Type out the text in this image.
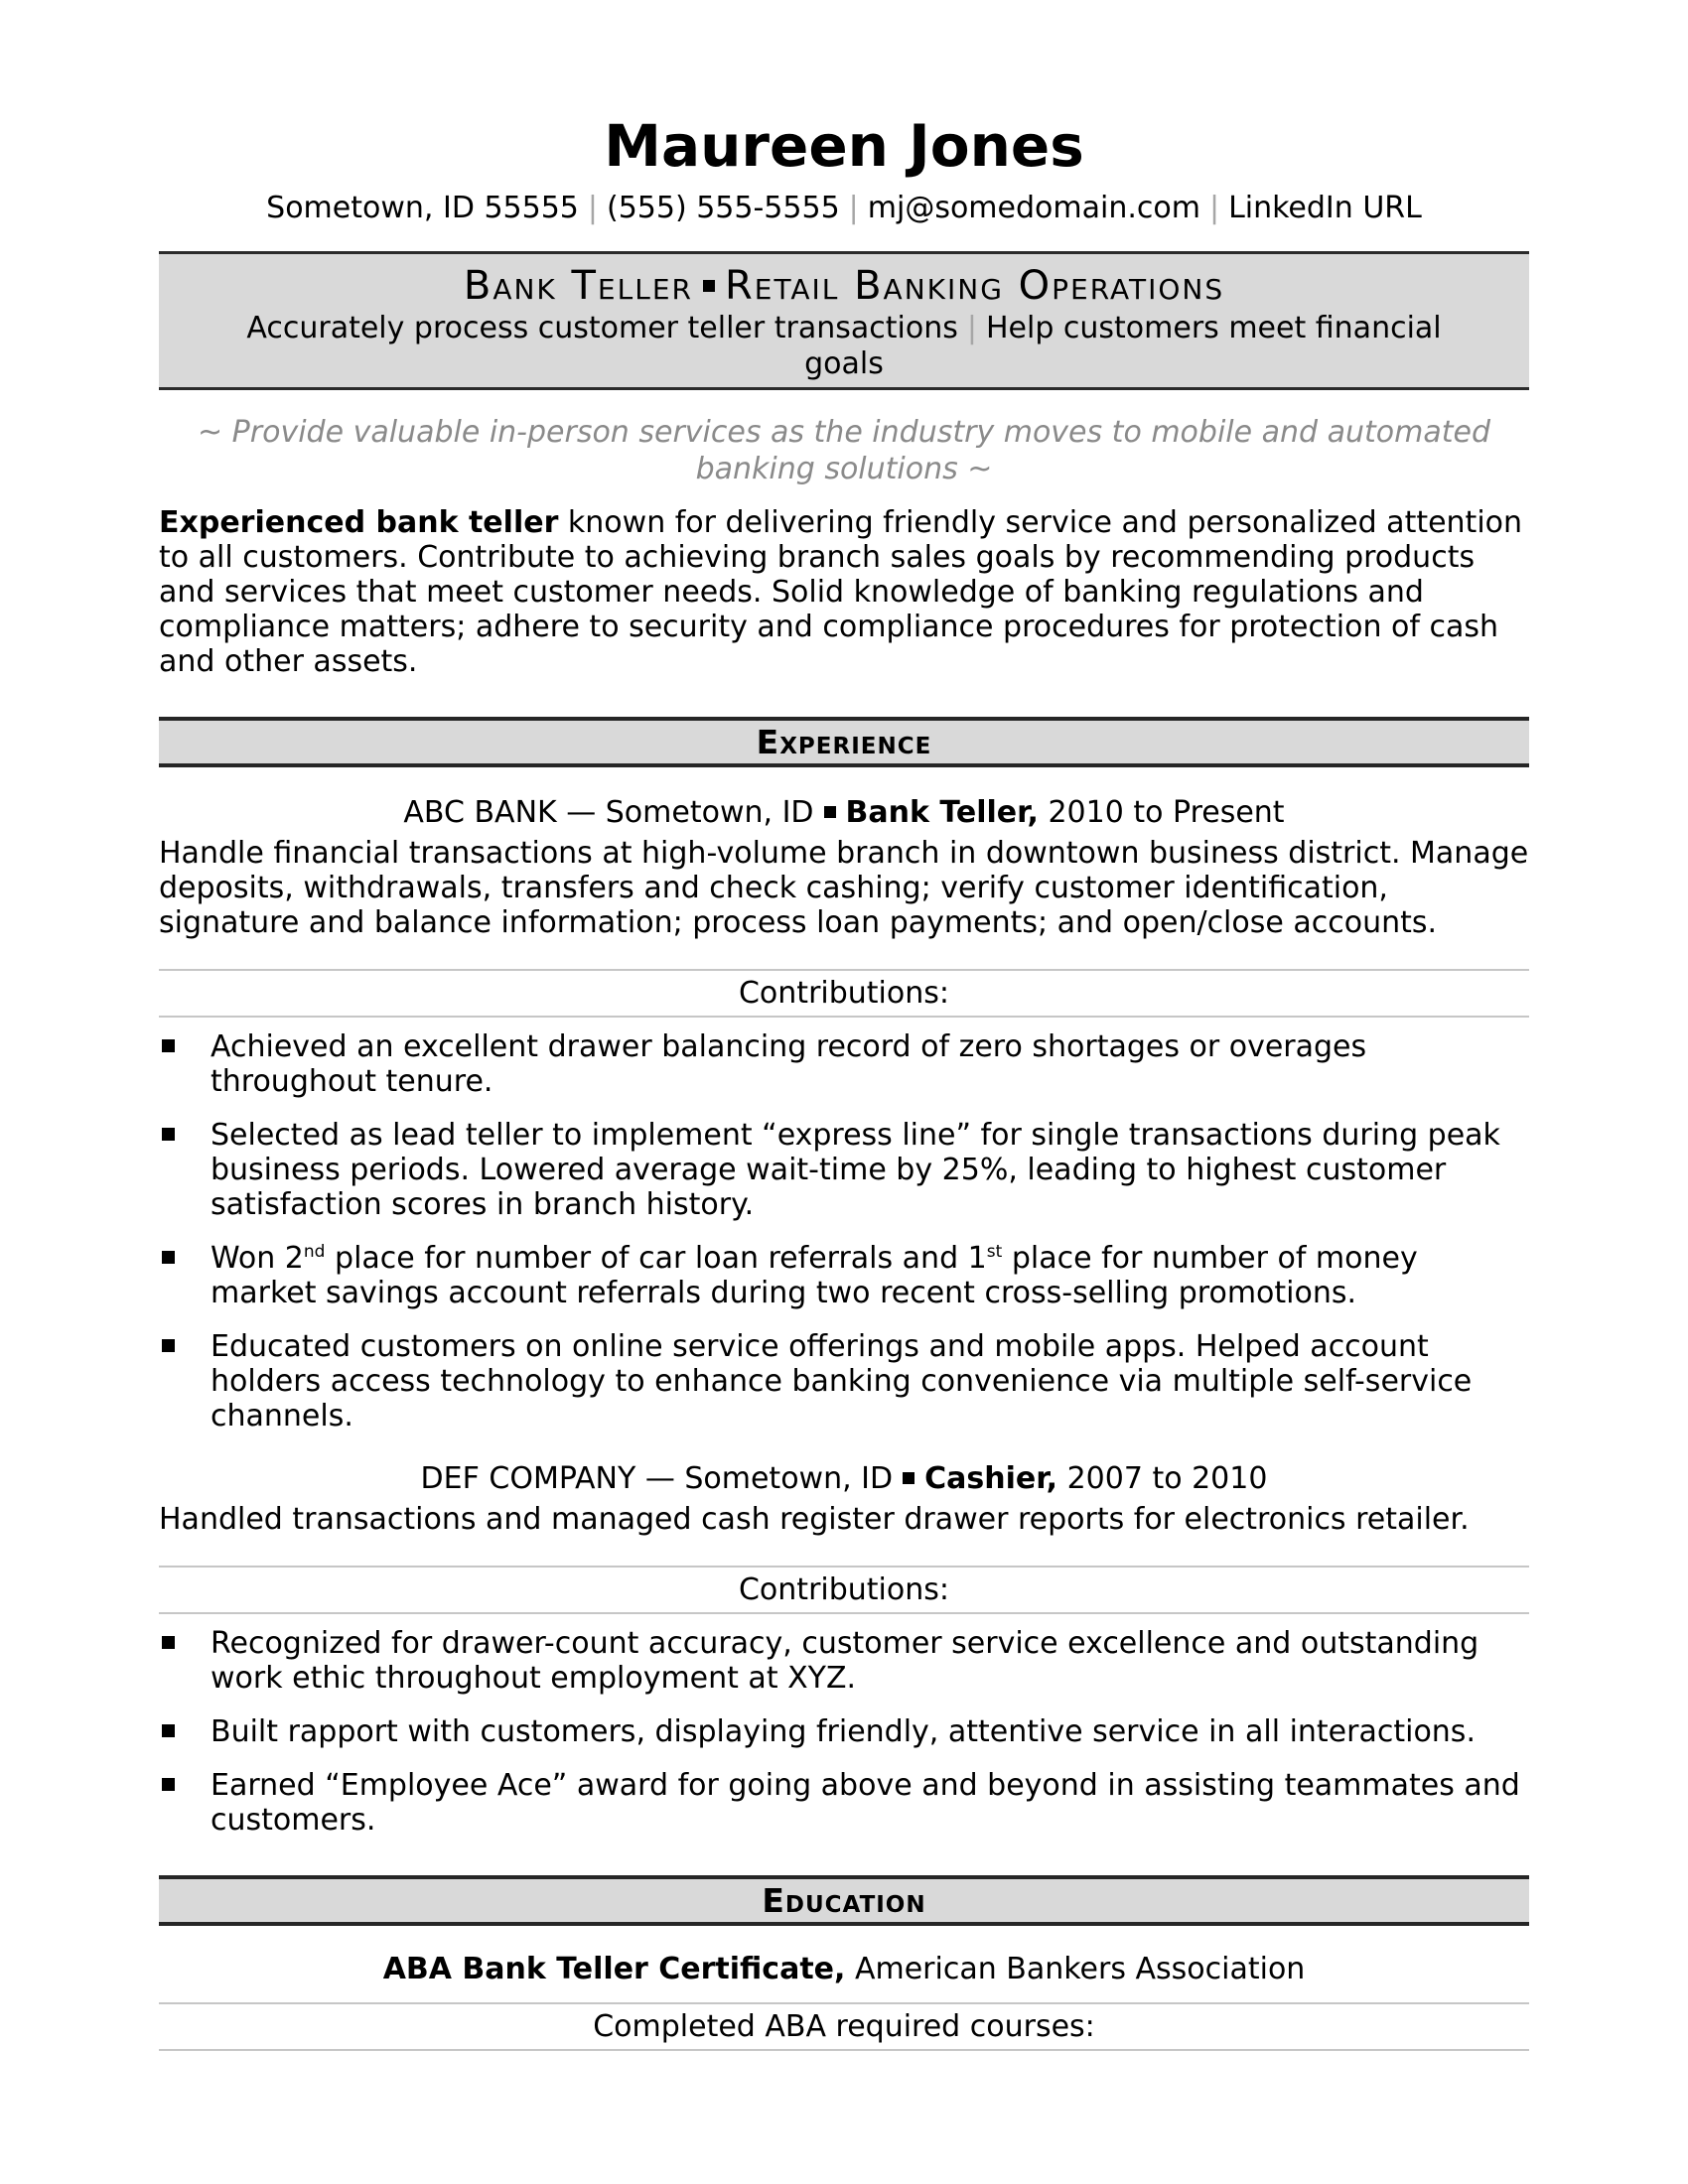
Maureen Jones
Sometown, ID 55555 | (555) 555-5555 | mj@somedomain.com | LinkedIn URL
Bank Teller Retail Banking Operations
Accurately process customer teller transactions | Help customers meet financial goals
~ Provide valuable in-person services as the industry moves to mobile and automated banking solutions ~
Experienced bank teller known for delivering friendly service and personalized attention to all customers. Contribute to achieving branch sales goals by recommending products and services that meet customer needs. Solid knowledge of banking regulations and compliance matters; adhere to security and compliance procedures for protection of cash and other assets.
Experience
ABC BANK — Sometown, ID Bank Teller, 2010 to Present
Handle financial transactions at high-volume branch in downtown business district. Manage deposits, withdrawals, transfers and check cashing; verify customer identification, signature and balance information; process loan payments; and open/close accounts.
Contributions:
Achieved an excellent drawer balancing record of zero shortages or overages throughout tenure.
Selected as lead teller to implement “express line” for single transactions during peak business periods. Lowered average wait-time by 25%, leading to highest customer satisfaction scores in branch history.
Won 2nd place for number of car loan referrals and 1st place for number of money market savings account referrals during two recent cross-selling promotions.
Educated customers on online service offerings and mobile apps. Helped account holders access technology to enhance banking convenience via multiple self-service channels.
DEF COMPANY — Sometown, ID Cashier, 2007 to 2010
Handled transactions and managed cash register drawer reports for electronics retailer.
Contributions:
Recognized for drawer-count accuracy, customer service excellence and outstanding work ethic throughout employment at XYZ.
Built rapport with customers, displaying friendly, attentive service in all interactions.
Earned “Employee Ace” award for going above and beyond in assisting teammates and customers.
Education
ABA Bank Teller Certificate, American Bankers Association
Completed ABA required courses:
